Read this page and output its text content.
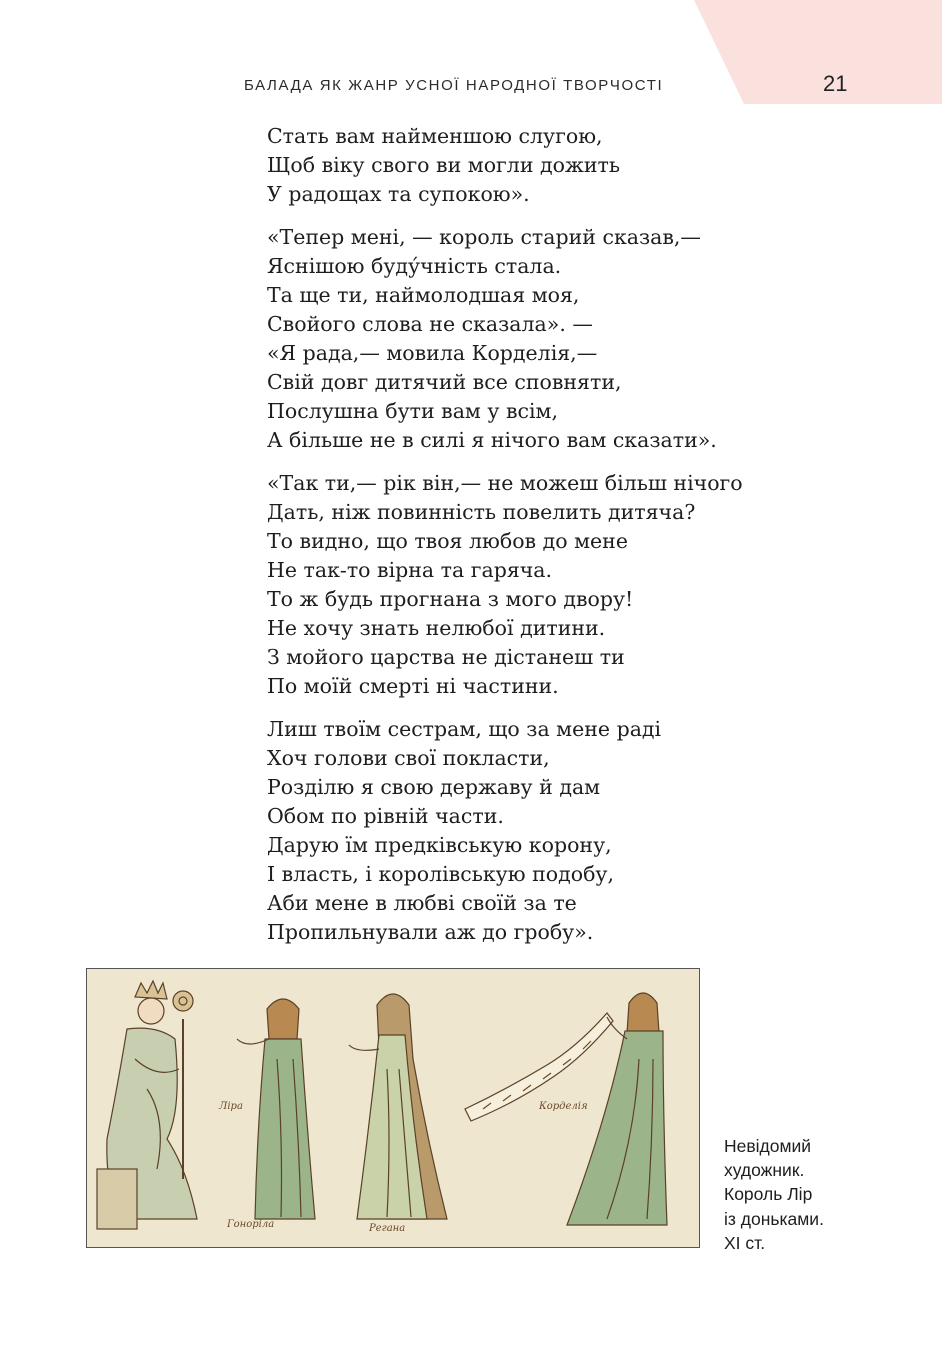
БАЛАДА ЯК ЖАНР УСНОЇ НАРОДНОЇ ТВОРЧОСТІ	21
Стать вам найменшою слугою,
Щоб віку свого ви могли дожить
У радощах та супокою».
«Тепер мені, — король старий сказав,—
Яснішою буду́чність стала.
Та ще ти, наймолодшая моя,
Свойого слова не сказала». —
«Я рада,— мовила Корделія,—
Свій довг дитячий все сповняти,
Послушна бути вам у всім,
А більше не в силі я нічого вам сказати».
«Так ти,— рік він,— не можеш більш нічого
Дать, ніж повинність повелить дитяча?
То видно, що твоя любов до мене
Не так-то вірна та гаряча.
То ж будь прогнана з мого двору!
Не хочу знать нелюбої дитини.
З мойого царства не дістанеш ти
По моїй смерті ні частини.
Лиш твоїм сестрам, що за мене раді
Хоч голови свої покласти,
Розділю я свою державу й дам
Обом по рівній части.
Дарую їм предківськую корону,
І власть, і королівськую подобу,
Аби мене в любві своїй за те
Пропильнували аж до гробу».
Ліра
Гоноріла	Регана
Корделія
Невідомий
художник.
Король Лір
із доньками.
XI ст.
